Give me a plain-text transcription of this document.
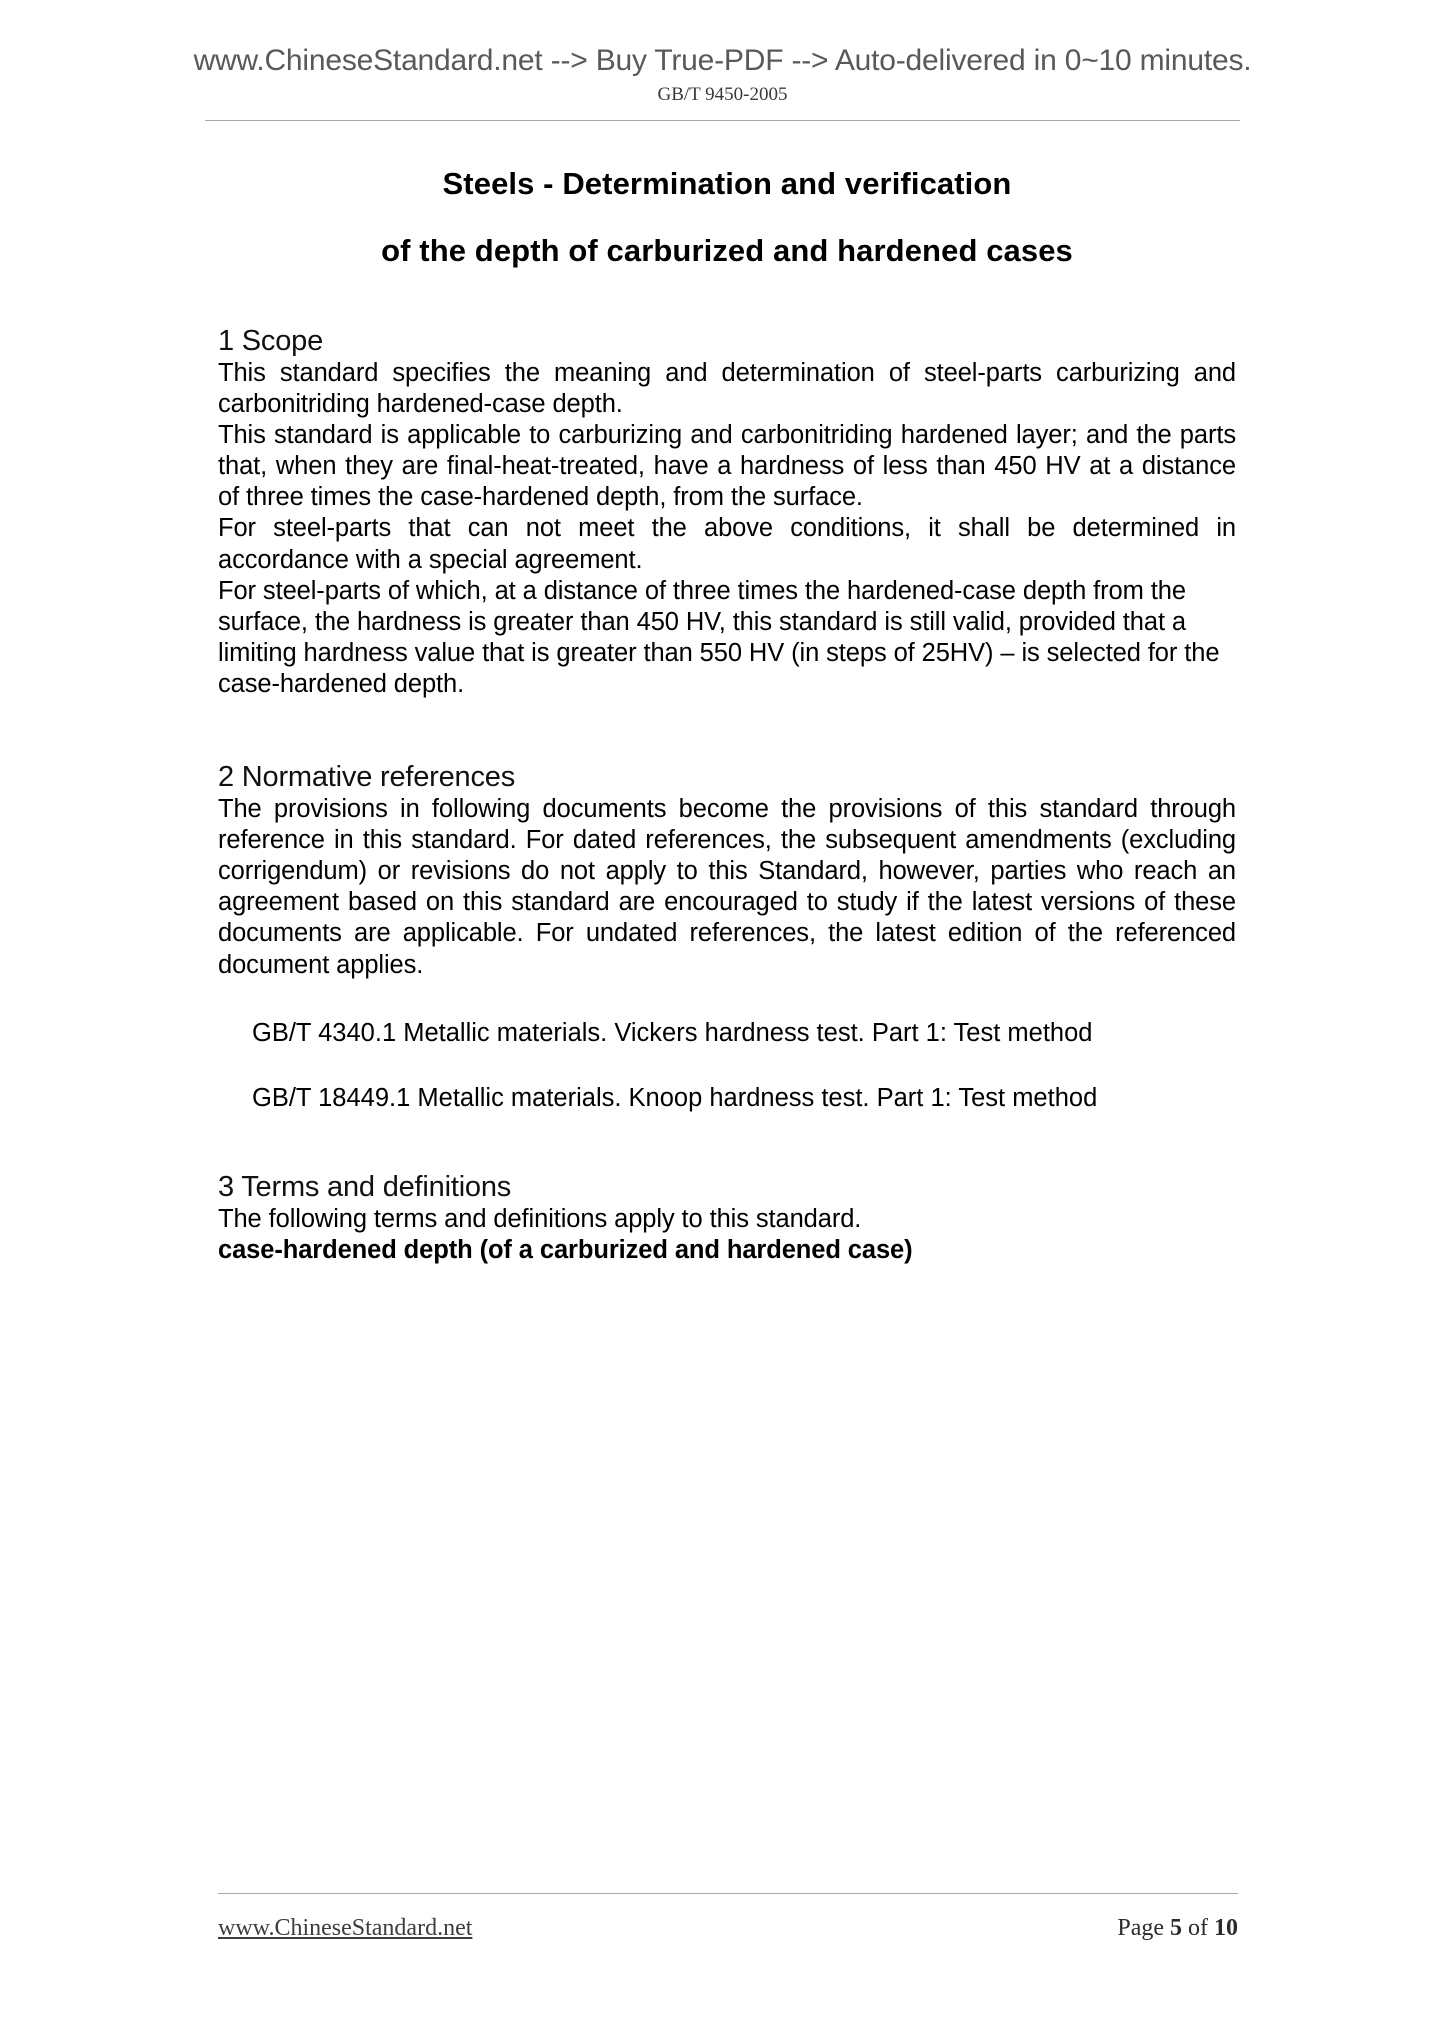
www.ChineseStandard.net --> Buy True-PDF --> Auto-delivered in 0~10 minutes.
GB/T 9450-2005
Steels - Determination and verification
of the depth of carburized and hardened cases
1 Scope

This standard specifies the meaning and determination of steel-parts carburizing and carbonitriding hardened-case depth.

This standard is applicable to carburizing and carbonitriding hardened layer; and the parts that, when they are final-heat-treated, have a hardness of less than 450 HV at a distance of three times the case-hardened depth, from the surface.

For steel-parts that can not meet the above conditions, it shall be determined in accordance with a special agreement.

For steel-parts of which, at a distance of three times the hardened-case depth from the surface, the hardness is greater than 450 HV, this standard is still valid, provided that a limiting hardness value that is greater than 550 HV (in steps of 25HV) – is selected for the case-hardened depth.

2 Normative references

The provisions in following documents become the provisions of this standard through reference in this standard. For dated references, the subsequent amendments (excluding corrigendum) or revisions do not apply to this Standard, however, parties who reach an agreement based on this standard are encouraged to study if the latest versions of these documents are applicable. For undated references, the latest edition of the referenced document applies.

GB/T 4340.1 Metallic materials. Vickers hardness test. Part 1: Test method

GB/T 18449.1 Metallic materials. Knoop hardness test. Part 1: Test method

3 Terms and definitions

The following terms and definitions apply to this standard.

case-hardened depth (of a carburized and hardened case)

www.ChineseStandard.net	Page 5 of 10
